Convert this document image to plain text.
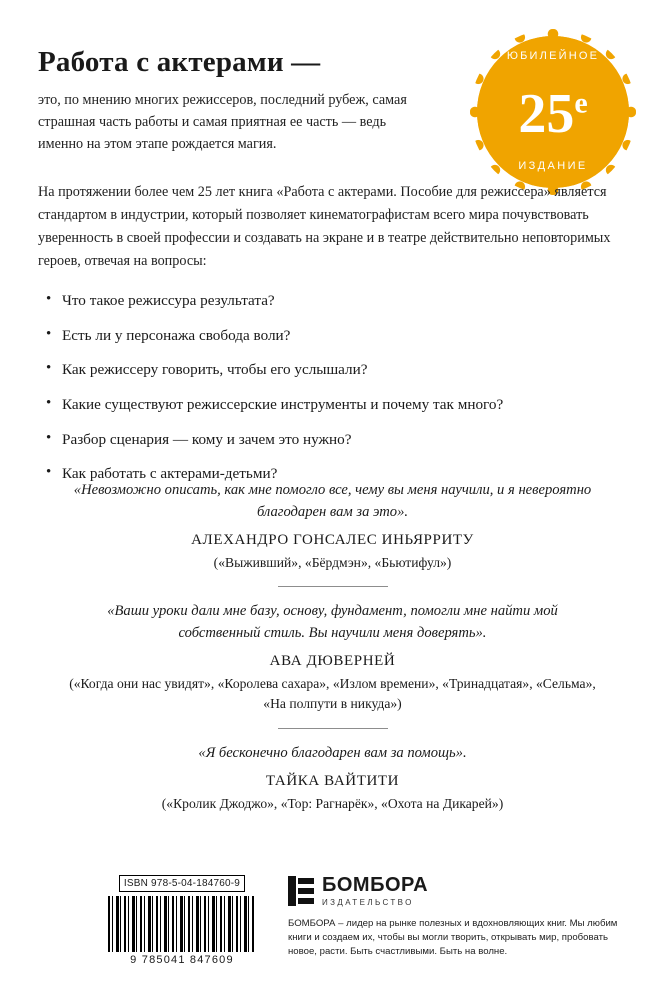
ЮБИЛЕЙНОЕ
$25^е$
ИЗДАНИЕ
Работа с актерами —

это, по мнению многих режиссеров, последний рубеж, самая страшная часть работы и самая приятная ее часть — ведь именно на этом этапе рождается магия.

На протяжении более чем 25 лет книга «Работа с актерами. Пособие для режиссера» является стандартом в индустрии, который позволяет кинематографистам всего мира почувствовать уверенность в своей профессии и создавать на экране и в театре действительно неповторимых героев, отвечая на вопросы:

• Что такое режиссура результата?
• Есть ли у персонажа свобода воли?
• Как режиссеру говорить, чтобы его услышали?
• Какие существуют режиссерские инструменты и почему так много?
• Разбор сценария — кому и зачем это нужно?
• Как работать с актерами-детьми?

«Невозможно описать, как мне помогло все, чему вы меня научили, и я невероятно благодарен вам за это».

АЛЕХАНДРО ГОНСАЛЕС ИНЬЯРРИТУ

(«Выживший», «Бёрдмэн», «Бьютифул»)

«Ваши уроки дали мне базу, основу, фундамент, помогли мне найти мой собственный стиль. Вы научили меня доверять».

АВА ДЮВЕРНЕЙ

(«Когда они нас увидят», «Королева сахара», «Излом времени», «Тринадцатая», «Сельма», «На полпути в никуда»)

«Я бесконечно благодарен вам за помощь».

ТАЙКА ВАЙТИТИ

(«Кролик Джоджо», «Тор: Рагнарёк», «Охота на Дикарей»)

ISBN 978-5-04-184760-9
9 785041 847609
БОМБОРА
ИЗДАТЕЛЬСТВО
БОМБОРА – лидер на рынке полезных и вдохновляющих книг. Мы любим книги и создаем их, чтобы вы могли творить, открывать мир, пробовать новое, расти. Быть счастливыми. Быть на волне.
